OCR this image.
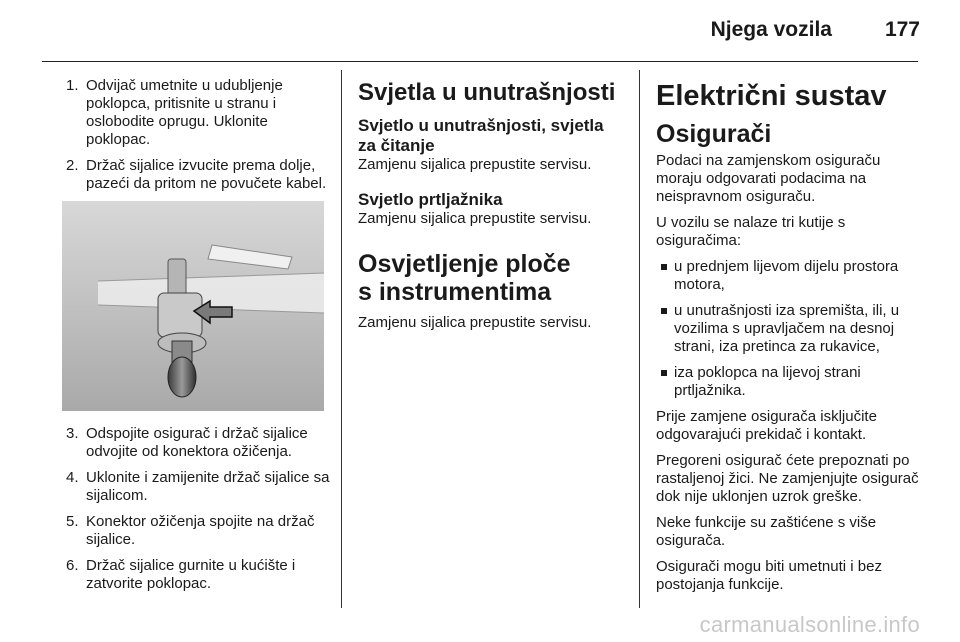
Njega vozila	177
1. Odvijač umetnite u udubljenje poklopca, pritisnite u stranu i oslobodite oprugu. Uklonite poklopac.
2. Držač sijalice izvucite prema dolje, pazeći da pritom ne povučete kabel.
3. Odspojite osigurač i držač sijalice odvojite od konektora ožičenja.
4. Uklonite i zamijenite držač sijalice sa sijalicom.
5. Konektor ožičenja spojite na držač sijalice.
6. Držač sijalice gurnite u kućište i zatvorite poklopac.
Svjetla u unutrašnjosti
Svjetlo u unutrašnjosti, svjetla za čitanje
Zamjenu sijalica prepustite servisu.
Svjetlo prtljažnika
Zamjenu sijalica prepustite servisu.
Osvjetljenje ploče
s instrumentima
Zamjenu sijalica prepustite servisu.
Električni sustav
Osigurači
Podaci na zamjenskom osiguraču moraju odgovarati podacima na neispravnom osiguraču.
U vozilu se nalaze tri kutije s osiguračima:
u prednjem lijevom dijelu prostora motora,
u unutrašnjosti iza spremišta, ili, u vozilima s upravljačem na desnoj strani, iza pretinca za rukavice,
iza poklopca na lijevoj strani prtljažnika.
Prije zamjene osigurača isključite odgovarajući prekidač i kontakt.
Pregoreni osigurač ćete prepoznati po rastaljenoj žici. Ne zamjenjujte osigurač dok nije uklonjen uzrok greške.
Neke funkcije su zaštićene s više osigurača.
Osigurači mogu biti umetnuti i bez postojanja funkcije.
carmanualsonline.info
